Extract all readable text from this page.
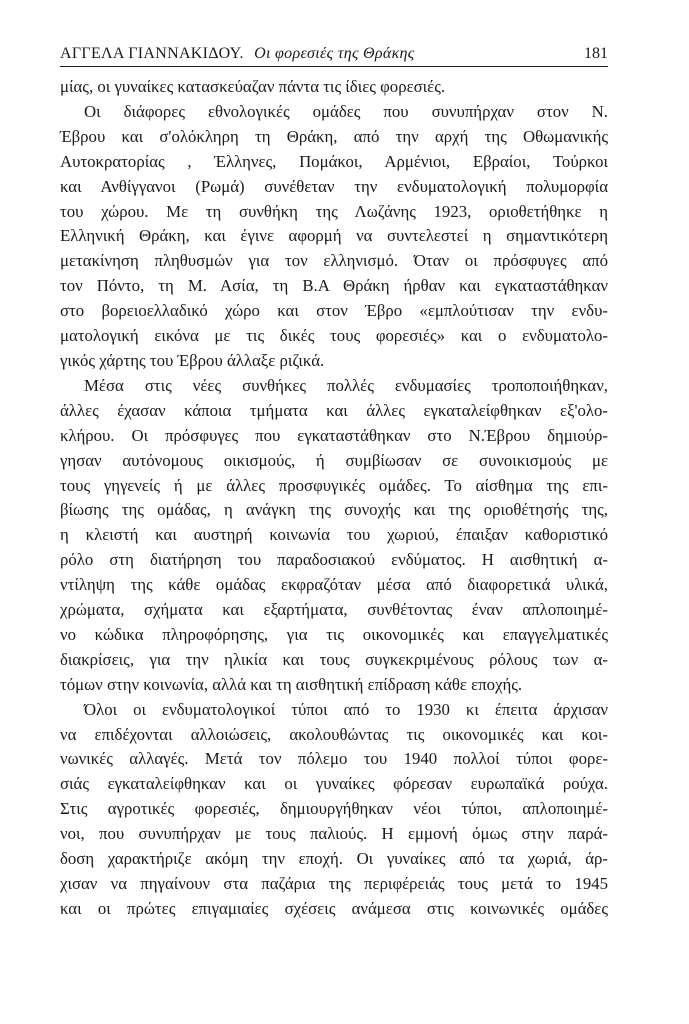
ΑΓΓΕΛΑ ΓΙΑΝΝΑΚΙΔΟΥ. Οι φορεσιές της Θράκης	181
μίας, οι γυναίκες κατασκεύαζαν πάντα τις ίδιες φορεσιές.
Οι διάφορες εθνολογικές ομάδες που συνυπήρχαν στον Ν.
Έβρου και σ'ολόκληρη τη Θράκη, από την αρχή της Οθωμανικής
Αυτοκρατορίας , Έλληνες, Πομάκοι, Αρμένιοι, Εβραίοι, Τούρκοι
και Ανθίγγανοι (Ρωμά) συνέθεταν την ενδυματολογική πολυμορφία
του χώρου. Με τη συνθήκη της Λωζάνης 1923, οριοθετήθηκε η
Ελληνική Θράκη, και έγινε αφορμή να συντελεστεί η σημαντικότερη
μετακίνηση πληθυσμών για τον ελληνισμό. Όταν οι πρόσφυγες από
τον Πόντο, τη Μ. Ασία, τη Β.Α Θράκη ήρθαν και εγκαταστάθηκαν
στο βορειοελλαδικό χώρο και στον Έβρο «εμπλούτισαν την ενδυ-
ματολογική εικόνα με τις δικές τους φορεσιές» και ο ενδυματολο-
γικός χάρτης του Έβρου άλλαξε ριζικά.
Μέσα στις νέες συνθήκες πολλές ενδυμασίες τροποποιήθηκαν,
άλλες έχασαν κάποια τμήματα και άλλες εγκαταλείφθηκαν εξ'ολο-
κλήρου. Οι πρόσφυγες που εγκαταστάθηκαν στο Ν.Έβρου δημιούρ-
γησαν αυτόνομους οικισμούς, ή συμβίωσαν σε συνοικισμούς με
τους γηγενείς ή με άλλες προσφυγικές ομάδες. Το αίσθημα της επι-
βίωσης της ομάδας, η ανάγκη της συνοχής και της οριοθέτησής της,
η κλειστή και αυστηρή κοινωνία του χωριού, έπαιξαν καθοριστικό
ρόλο στη διατήρηση του παραδοσιακού ενδύματος. Η αισθητική α-
ντίληψη της κάθε ομάδας εκφραζόταν μέσα από διαφορετικά υλικά,
χρώματα, σχήματα και εξαρτήματα, συνθέτοντας έναν απλοποιημέ-
νο κώδικα πληροφόρησης, για τις οικονομικές και επαγγελματικές
διακρίσεις, για την ηλικία και τους συγκεκριμένους ρόλους των α-
τόμων στην κοινωνία, αλλά και τη αισθητική επίδραση κάθε εποχής.
Όλοι οι ενδυματολογικοί τύποι από το 1930 κι έπειτα άρχισαν
να επιδέχονται αλλοιώσεις, ακολουθώντας τις οικονομικές και κοι-
νωνικές αλλαγές. Μετά τον πόλεμο του 1940 πολλοί τύποι φορε-
σιάς εγκαταλείφθηκαν και οι γυναίκες φόρεσαν ευρωπαϊκά ρούχα.
Στις αγροτικές φορεσιές, δημιουργήθηκαν νέοι τύποι, απλοποιημέ-
νοι, που συνυπήρχαν με τους παλιούς. Η εμμονή όμως στην παρά-
δοση χαρακτήριζε ακόμη την εποχή. Οι γυναίκες από τα χωριά, άρ-
χισαν να πηγαίνουν στα παζάρια της περιφέρειάς τους μετά το 1945
και οι πρώτες επιγαμιαίες σχέσεις ανάμεσα στις κοινωνικές ομάδες
